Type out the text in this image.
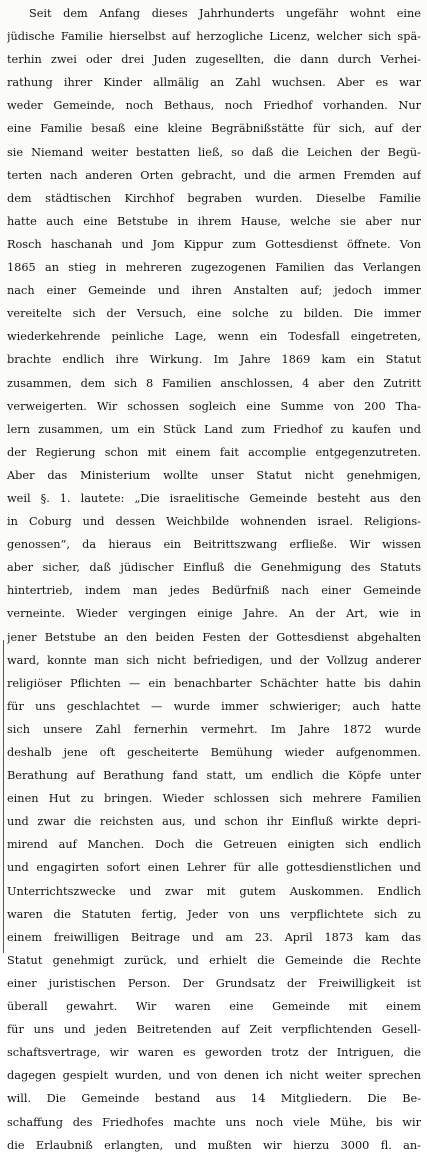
Seit dem Anfang dieses Jahrhunderts ungefähr wohnt eine
jüdische Familie hierselbst auf herzogliche Licenz, welcher sich spä-
terhin zwei oder drei Juden zugesellten, die dann durch Verhei-
rathung ihrer Kinder allmälig an Zahl wuchsen. Aber es war
weder Gemeinde, noch Bethaus, noch Friedhof vorhanden. Nur
eine Familie besaß eine kleine Begräbnißstätte für sich, auf der
sie Niemand weiter bestatten ließ, so daß die Leichen der Begü-
terten nach anderen Orten gebracht, und die armen Fremden auf
dem städtischen Kirchhof begraben wurden. Dieselbe Familie
hatte auch eine Betstube in ihrem Hause, welche sie aber nur
Rosch haschanah und Jom Kippur zum Gottesdienst öffnete. Von
1865 an stieg in mehreren zugezogenen Familien das Verlangen
nach einer Gemeinde und ihren Anstalten auf; jedoch immer
vereitelte sich der Versuch, eine solche zu bilden. Die immer
wiederkehrende peinliche Lage, wenn ein Todesfall eingetreten,
brachte endlich ihre Wirkung. Im Jahre 1869 kam ein Statut
zusammen, dem sich 8 Familien anschlossen, 4 aber den Zutritt
verweigerten. Wir schossen sogleich eine Summe von 200 Tha-
lern zusammen, um ein Stück Land zum Friedhof zu kaufen und
der Regierung schon mit einem fait accomplie entgegenzutreten.
Aber das Ministerium wollte unser Statut nicht genehmigen,
weil §. 1. lautete: „Die israelitische Gemeinde besteht aus den
in Coburg und dessen Weichbilde wohnenden israel. Religions-
genossen“, da hieraus ein Beitrittszwang erfließe. Wir wissen
aber sicher, daß jüdischer Einfluß die Genehmigung des Statuts
hintertrieb, indem man jedes Bedürfniß nach einer Gemeinde
verneinte. Wieder vergingen einige Jahre. An der Art, wie in
jener Betstube an den beiden Festen der Gottesdienst abgehalten
ward, konnte man sich nicht befriedigen, und der Vollzug anderer
religiöser Pflichten — ein benachbarter Schächter hatte bis dahin
für uns geschlachtet — wurde immer schwieriger; auch hatte
sich unsere Zahl fernerhin vermehrt. Im Jahre 1872 wurde
deshalb jene oft gescheiterte Bemühung wieder aufgenommen.
Berathung auf Berathung fand statt, um endlich die Köpfe unter
einen Hut zu bringen. Wieder schlossen sich mehrere Familien
und zwar die reichsten aus, und schon ihr Einfluß wirkte depri-
mirend auf Manchen. Doch die Getreuen einigten sich endlich
und engagirten sofort einen Lehrer für alle gottesdienstlichen und
Unterrichtszwecke und zwar mit gutem Auskommen. Endlich
waren die Statuten fertig, Jeder von uns verpflichtete sich zu
einem freiwilligen Beitrage und am 23. April 1873 kam das
Statut genehmigt zurück, und erhielt die Gemeinde die Rechte
einer juristischen Person. Der Grundsatz der Freiwilligkeit ist
überall gewahrt. Wir waren eine Gemeinde mit einem
für uns und jeden Beitretenden auf Zeit verpflichtenden Gesell-
schaftsvertrage, wir waren es geworden trotz der Intriguen, die
dagegen gespielt wurden, und von denen ich nicht weiter sprechen
will. Die Gemeinde bestand aus 14 Mitgliedern. Die Be-
schaffung des Friedhofes machte uns noch viele Mühe, bis wir
die Erlaubniß erlangten, und mußten wir hierzu 3000 fl. an-
